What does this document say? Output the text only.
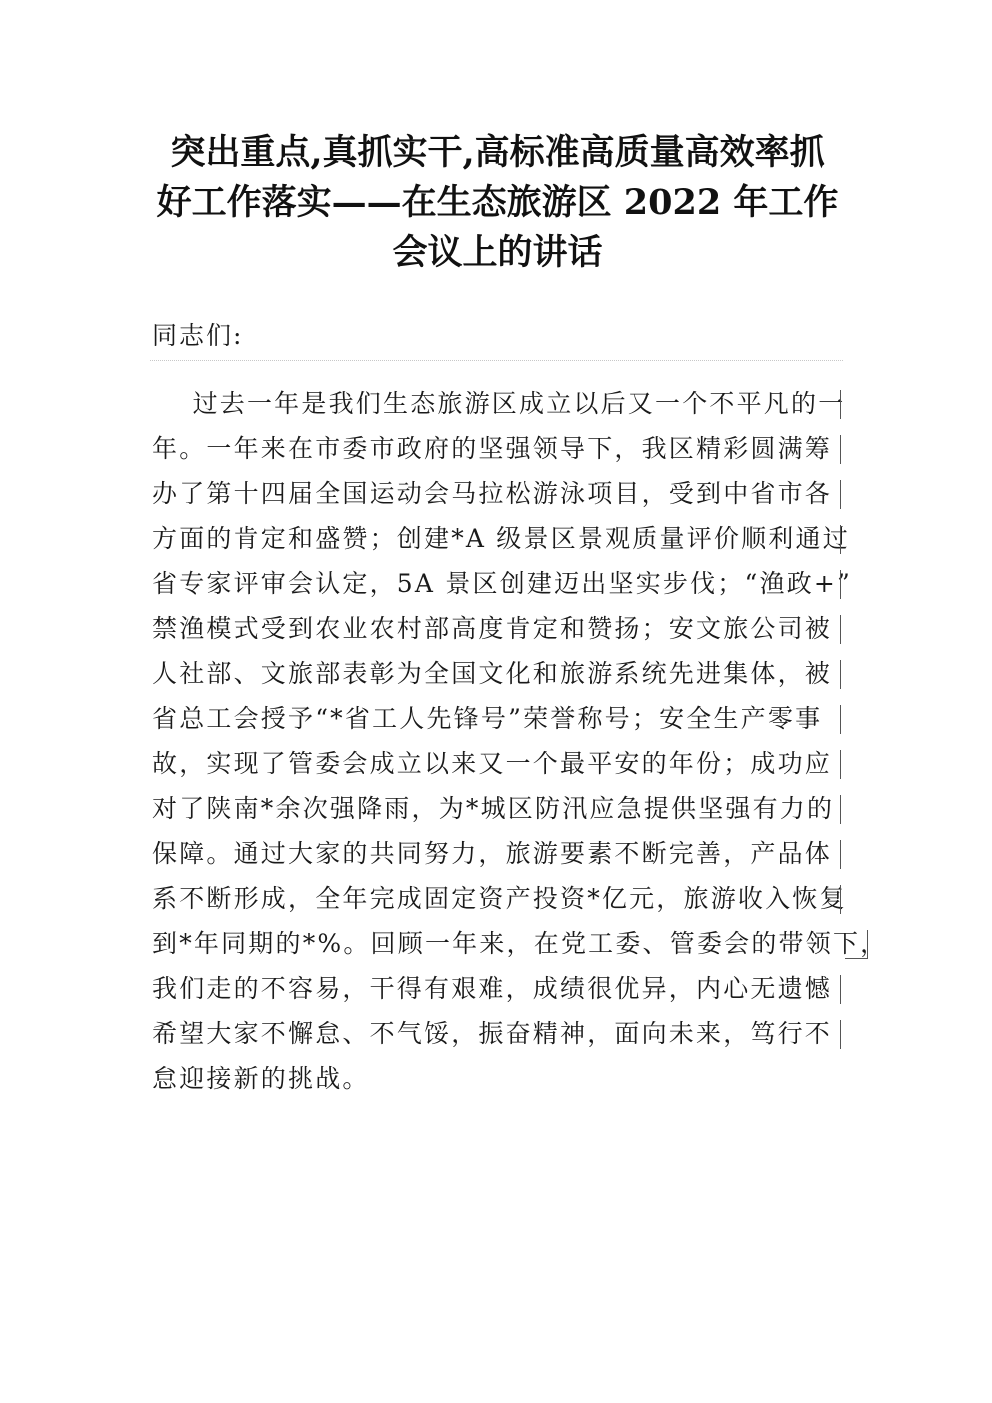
突出重点,真抓实干,高标准高质量高效率抓
好工作落实——在生态旅游区 2022 年工作
会议上的讲话
同志们:
过去一年是我们生态旅游区成立以后又一个不平凡的一
年。一年来在市委市政府的坚强领导下，我区精彩圆满筹
办了第十四届全国运动会马拉松游泳项目，受到中省市各
方面的肯定和盛赞；创建*A 级景区景观质量评价顺利通过
省专家评审会认定，5A 景区创建迈出坚实步伐；“渔政+”
禁渔模式受到农业农村部高度肯定和赞扬；安文旅公司被
人社部、文旅部表彰为全国文化和旅游系统先进集体，被
省总工会授予“*省工人先锋号”荣誉称号；安全生产零事
故，实现了管委会成立以来又一个最平安的年份；成功应
对了陕南*余次强降雨，为*城区防汛应急提供坚强有力的
保障。通过大家的共同努力，旅游要素不断完善，产品体
系不断形成，全年完成固定资产投资*亿元，旅游收入恢复
到*年同期的*%。回顾一年来，在党工委、管委会的带领下，
我们走的不容易，干得有艰难，成绩很优异，内心无遗憾
希望大家不懈怠、不气馁，振奋精神，面向未来，笃行不
怠迎接新的挑战。
